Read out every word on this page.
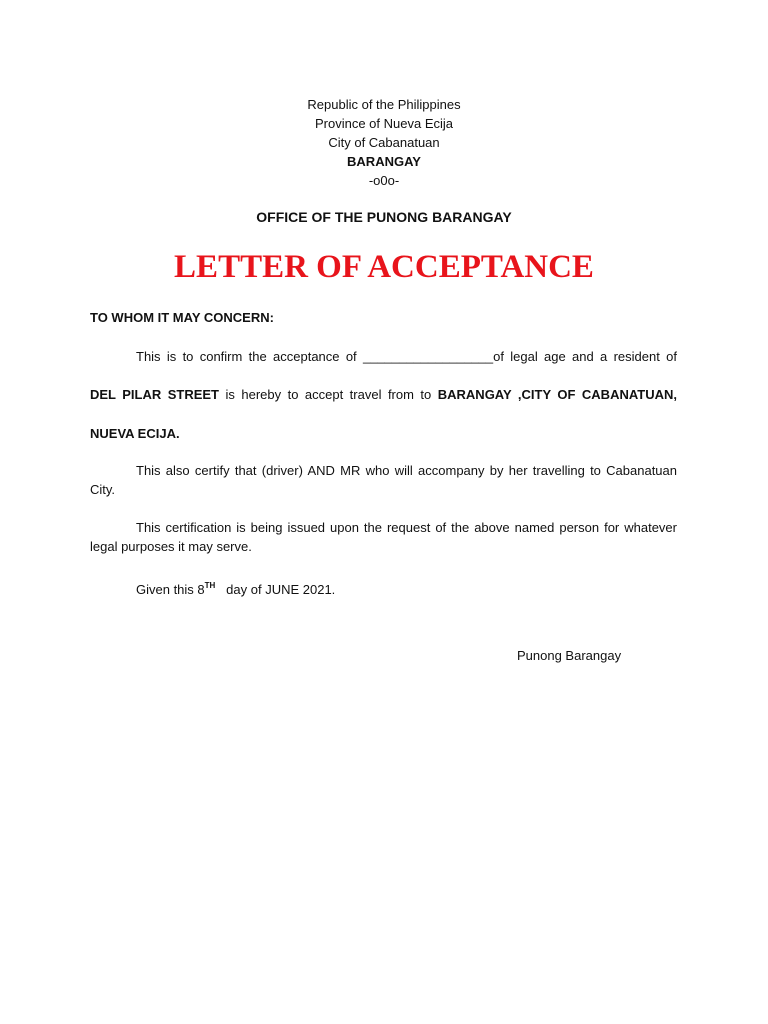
Republic of the Philippines
Province of Nueva Ecija
City of Cabanatuan
BARANGAY
-o0o-
OFFICE OF THE PUNONG BARANGAY
LETTER OF ACCEPTANCE
TO WHOM IT MAY CONCERN:
This is to confirm the acceptance of __________________of legal age and a resident of
DEL PILAR STREET is hereby to accept travel from to BARANGAY ,CITY OF CABANATUAN,
NUEVA ECIJA.
This also certify that (driver) AND MR who will accompany by her travelling to Cabanatuan City.
This certification is being issued upon the request of the above named person for whatever legal purposes it may serve.
Given this 8TH   day of JUNE 2021.
Punong Barangay
